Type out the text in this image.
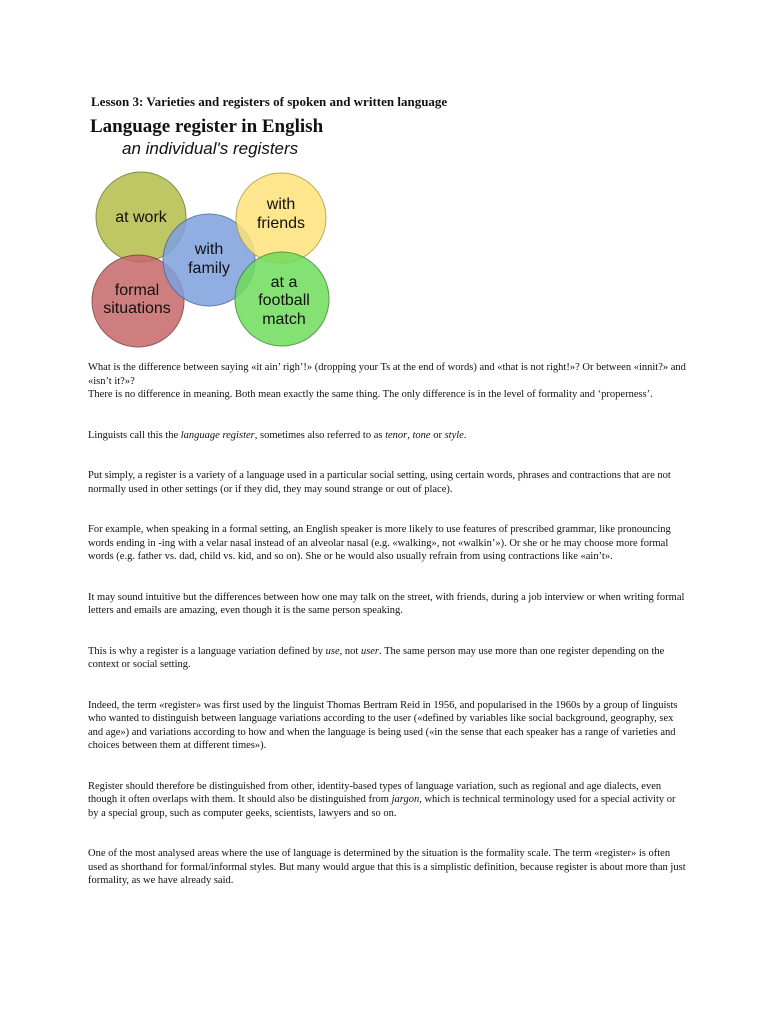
Lesson 3: Varieties and registers of spoken and written language
Language register in English
an individual's registers
at work
with
friends
with
family
formal
situations
at a
football
match

What is the difference between saying «it ain’ righ’!» (dropping your Ts at the end of words) and «that is not right!»? Or between «innit?» and «isn’t it?»?

There is no difference in meaning. Both mean exactly the same thing. The only difference is in the level of formality and ‘properness’.

Linguists call this the language register, sometimes also referred to as tenor, tone or style.

Put simply, a register is a variety of a language used in a particular social setting, using certain words, phrases and contractions that are not normally used in other settings (or if they did, they may sound strange or out of place).

For example, when speaking in a formal setting, an English speaker is more likely to use features of prescribed grammar, like pronouncing words ending in -ing with a velar nasal instead of an alveolar nasal (e.g. «walking», not «walkin’»). Or she or he may choose more formal words (e.g. father vs. dad, child vs. kid, and so on). She or he would also usually refrain from using contractions like «ain’t».

It may sound intuitive but the differences between how one may talk on the street, with friends, during a job interview or when writing formal letters and emails are amazing, even though it is the same person speaking.

This is why a register is a language variation defined by use, not user. The same person may use more than one register depending on the context or social setting.

Indeed, the term «register» was first used by the linguist Thomas Bertram Reid in 1956, and popularised in the 1960s by a group of linguists who wanted to distinguish between language variations according to the user («defined by variables like social background, geography, sex and age») and variations according to how and when the language is being used («in the sense that each speaker has a range of varieties and choices between them at different times»).

Register should therefore be distinguished from other, identity-based types of language variation, such as regional and age dialects, even though it often overlaps with them. It should also be distinguished from jargon, which is technical terminology used for a special activity or by a special group, such as computer geeks, scientists, lawyers and so on.

One of the most analysed areas where the use of language is determined by the situation is the formality scale. The term «register» is often used as shorthand for formal/informal styles. But many would argue that this is a simplistic definition, because register is about more than just formality, as we have already said.
